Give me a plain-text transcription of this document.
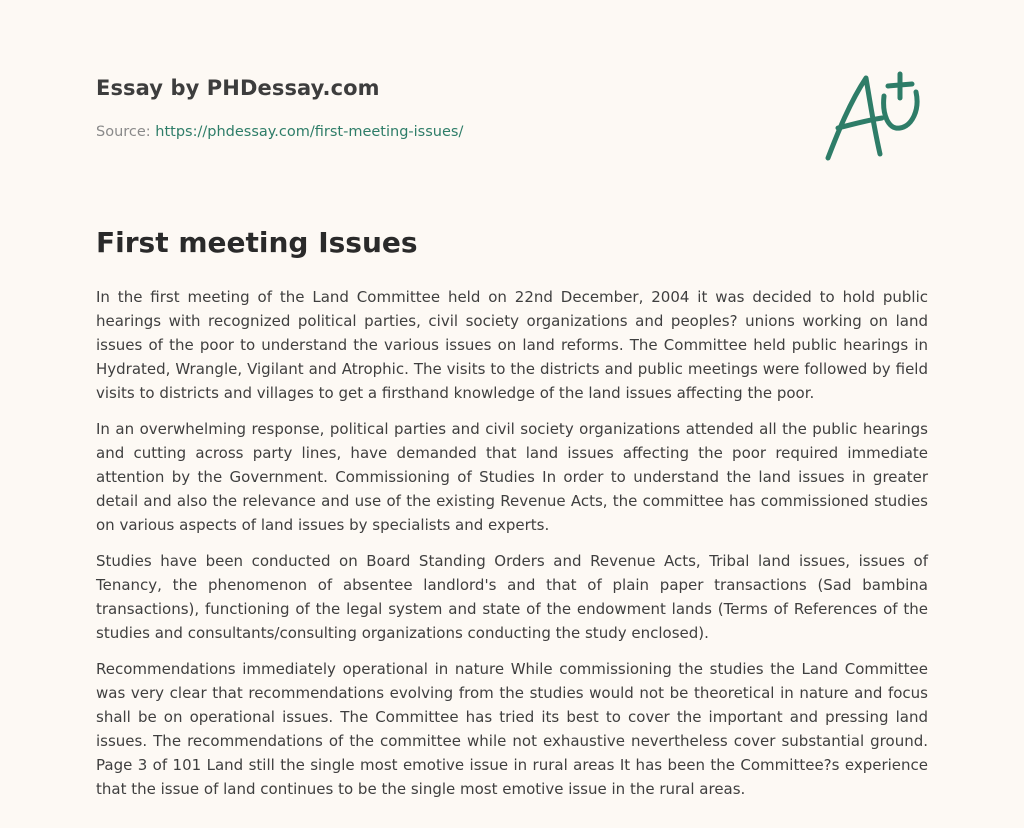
Essay by PHDessay.com
Source: https://phdessay.com/first-meeting-issues/
First meeting Issues

In the first meeting of the Land Committee held on 22nd December, 2004 it was decided to hold public hearings with recognized political parties, civil society organizations and peoples? unions working on land issues of the poor to understand the various issues on land reforms. The Committee held public hearings in Hydrated, Wrangle, Vigilant and Atrophic. The visits to the districts and public meetings were followed by field visits to districts and villages to get a firsthand knowledge of the land issues affecting the poor.

In an overwhelming response, political parties and civil society organizations attended all the public hearings and cutting across party lines, have demanded that land issues affecting the poor required immediate attention by the Government. Commissioning of Studies In order to understand the land issues in greater detail and also the relevance and use of the existing Revenue Acts, the committee has commissioned studies on various aspects of land issues by specialists and experts.

Studies have been conducted on Board Standing Orders and Revenue Acts, Tribal land issues, issues of Tenancy, the phenomenon of absentee landlord's and that of plain paper transactions (Sad bambina transactions), functioning of the legal system and state of the endowment lands (Terms of References of the studies and consultants/consulting organizations conducting the study enclosed).

Recommendations immediately operational in nature While commissioning the studies the Land Committee was very clear that recommendations evolving from the studies would not be theoretical in nature and focus shall be on operational issues. The Committee has tried its best to cover the important and pressing land issues. The recommendations of the committee while not exhaustive nevertheless cover substantial ground. Page 3 of 101 Land still the single most emotive issue in rural areas It has been the Committee?s experience that the issue of land continues to be the single most emotive issue in the rural areas.
